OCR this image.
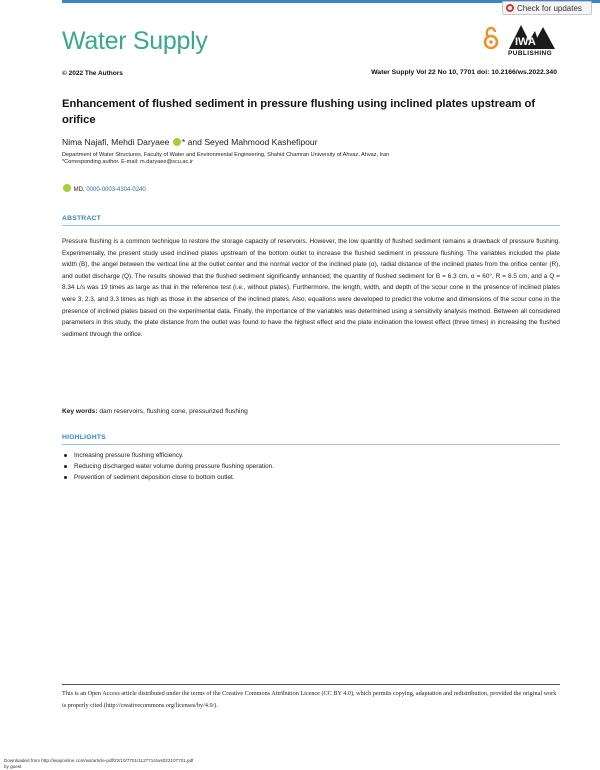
Check for updates
Water Supply	IWA
PUBLISHING
© 2022 The Authors	Water Supply Vol 22 No 10, 7701 doi: 10.2166/ws.2022.340
Enhancement of flushed sediment in pressure flushing using inclined plates upstream of orifice
Nima Najafi, Mehdi Daryaee * and Seyed Mahmood Kashefipour
Department of Water Structures, Faculty of Water and Environmental Engineering, Shahid Chamran University of Ahvaz, Ahvaz, Iran
*Corresponding author. E-mail: m.daryaee@scu.ac.ir
MD, 0000-0003-4304-0240
ABSTRACT

Pressure flushing is a common technique to restore the storage capacity of reservoirs. However, the low quantity of flushed sediment remains a drawback of pressure flushing. Experimentally, the present study used inclined plates upstream of the bottom outlet to increase the flushed sediment in pressure flushing. The variables included the plate width (B), the angel between the vertical line at the outlet center and the normal vector of the inclined plate (α), radial distance of the inclined plates from the orifice center (R), and outlet discharge (Q). The results showed that the flushed sediment significantly enhanced; the quantity of flushed sediment for B = 6.3 cm, α = 60°, R = 8.5 cm, and a Q = 8.34 L/s was 19 times as large as that in the reference test (i.e., without plates). Furthermore, the length, width, and depth of the scour cone in the presence of inclined plates were 3, 2.3, and 3.3 times as high as those in the absence of the inclined plates. Also, equations were developed to predict the volume and dimensions of the scour cone in the presence of inclined plates based on the experimental data. Finally, the importance of the variables was determined using a sensitivity analysis method. Between all considered parameters in this study, the plate distance from the outlet was found to have the highest effect and the plate inclination the lowest effect (three times) in increasing the flushed sediment through the orifice.

Key words: dam reservoirs, flushing cone, pressurized flushing
HIGHLIGHTS
Increasing pressure flushing efficiency.
Reducing discharged water volume during pressure flushing operation.
Prevention of sediment deposition close to bottom outlet.

This is an Open Access article distributed under the terms of the Creative Commons Attribution Licence (CC BY 4.0), which permits copying, adaptation and redistribution, provided the original work is properly cited (http://creativecommons.org/licenses/by/4.0/).

Downloaded from http://iwaponline.com/ws/article-pdf/22/10/7701/1127714/ws022107701.pdf
by guest
